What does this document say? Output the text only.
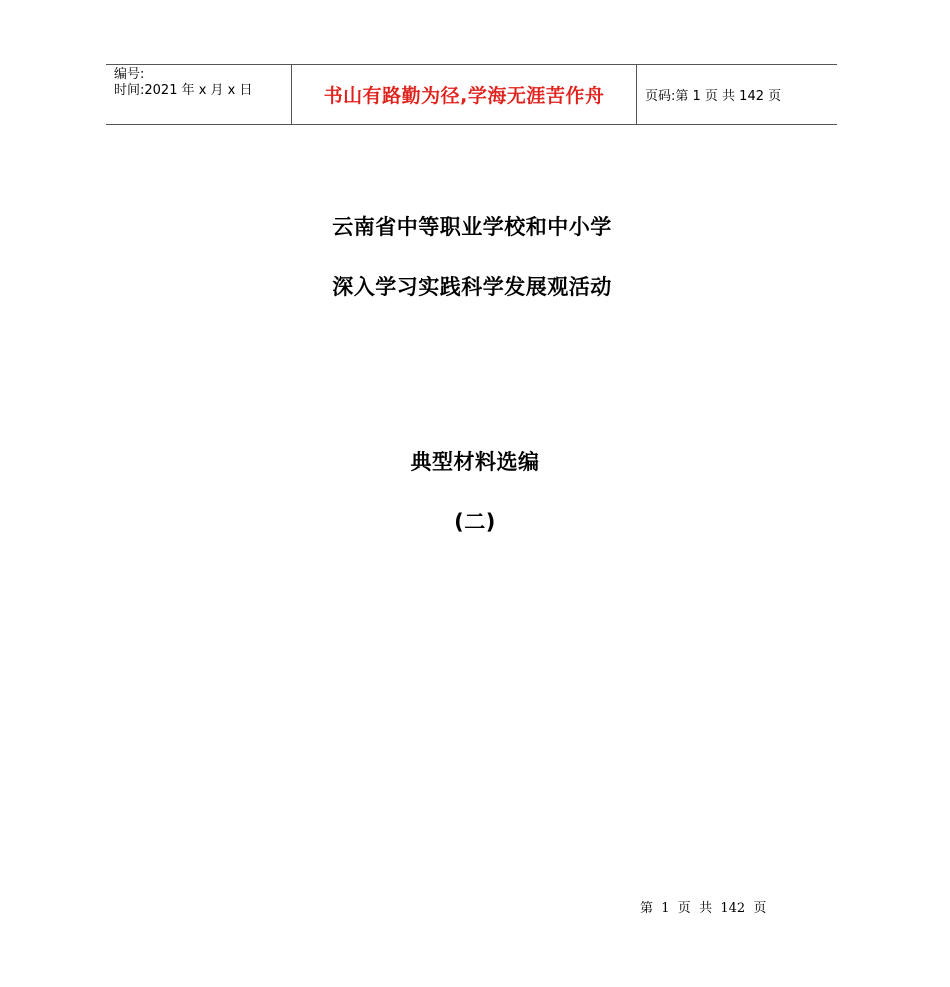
编号:
时间:2021 年 x 月 x 日	书山有路勤为径,学海无涯苦作舟	页码:第 1 页 共 142 页
云南省中等职业学校和中小学
深入学习实践科学发展观活动
典型材料选编
(二)
第  1  页  共  142  页
